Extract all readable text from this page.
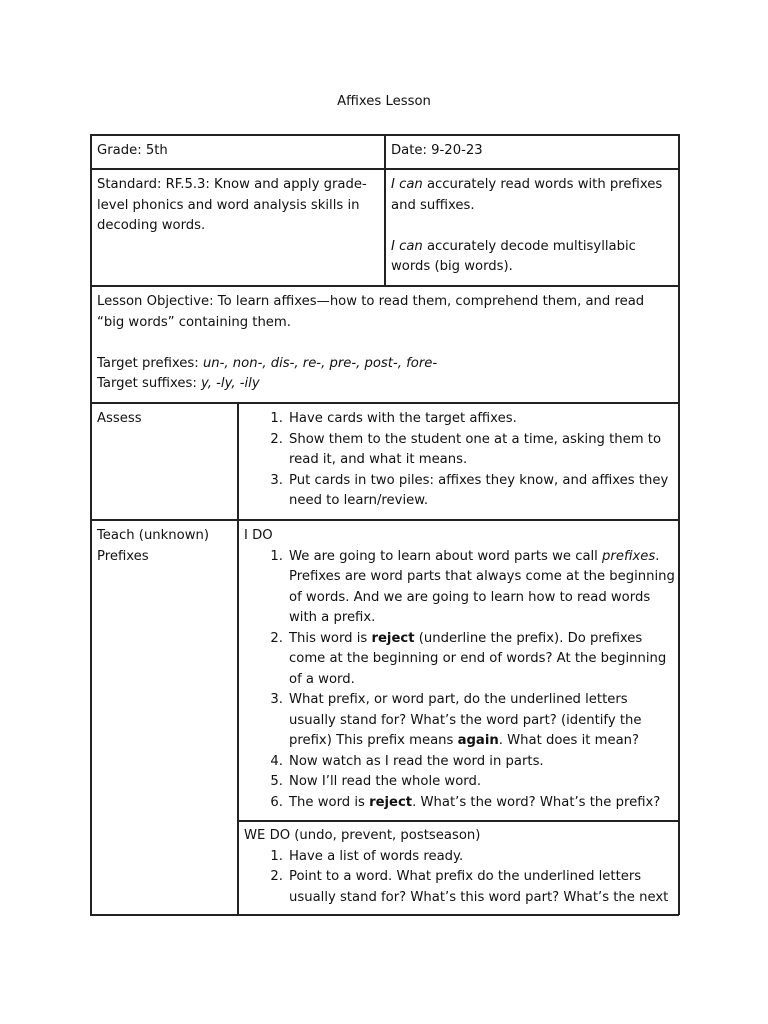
Affixes Lesson
Grade: 5th	Date: 9-20-23
Standard: RF.5.3: Know and apply grade-level phonics and word analysis skills in decoding words.

I can accurately read words with prefixes and suffixes.

I can accurately decode multisyllabic words (big words).

Lesson Objective: To learn affixes—how to read them, comprehend them, and read “big words” containing them.

Target prefixes: un-, non-, dis-, re-, pre-, post-, fore-

Target suffixes: y, -ly, -ily

Assess	1. Have cards with the target affixes.
2. Show them to the student one at a time, asking them to read it, and what it means.
3. Put cards in two piles: affixes they know, and affixes they need to learn/review.

Teach (unknown)

Prefixes

I DO

1. We are going to learn about word parts we call prefixes. Prefixes are word parts that always come at the beginning of words. And we are going to learn how to read words with a prefix.
2. This word is reject (underline the prefix). Do prefixes come at the beginning or end of words? At the beginning of a word.
3. What prefix, or word part, do the underlined letters usually stand for? What’s the word part? (identify the prefix) This prefix means again. What does it mean?
4. Now watch as I read the word in parts.
5. Now I’ll read the whole word.
6. The word is reject. What’s the word? What’s the prefix?

WE DO (undo, prevent, postseason)

1. Have a list of words ready.
2. Point to a word. What prefix do the underlined letters usually stand for? What’s this word part? What’s the next
